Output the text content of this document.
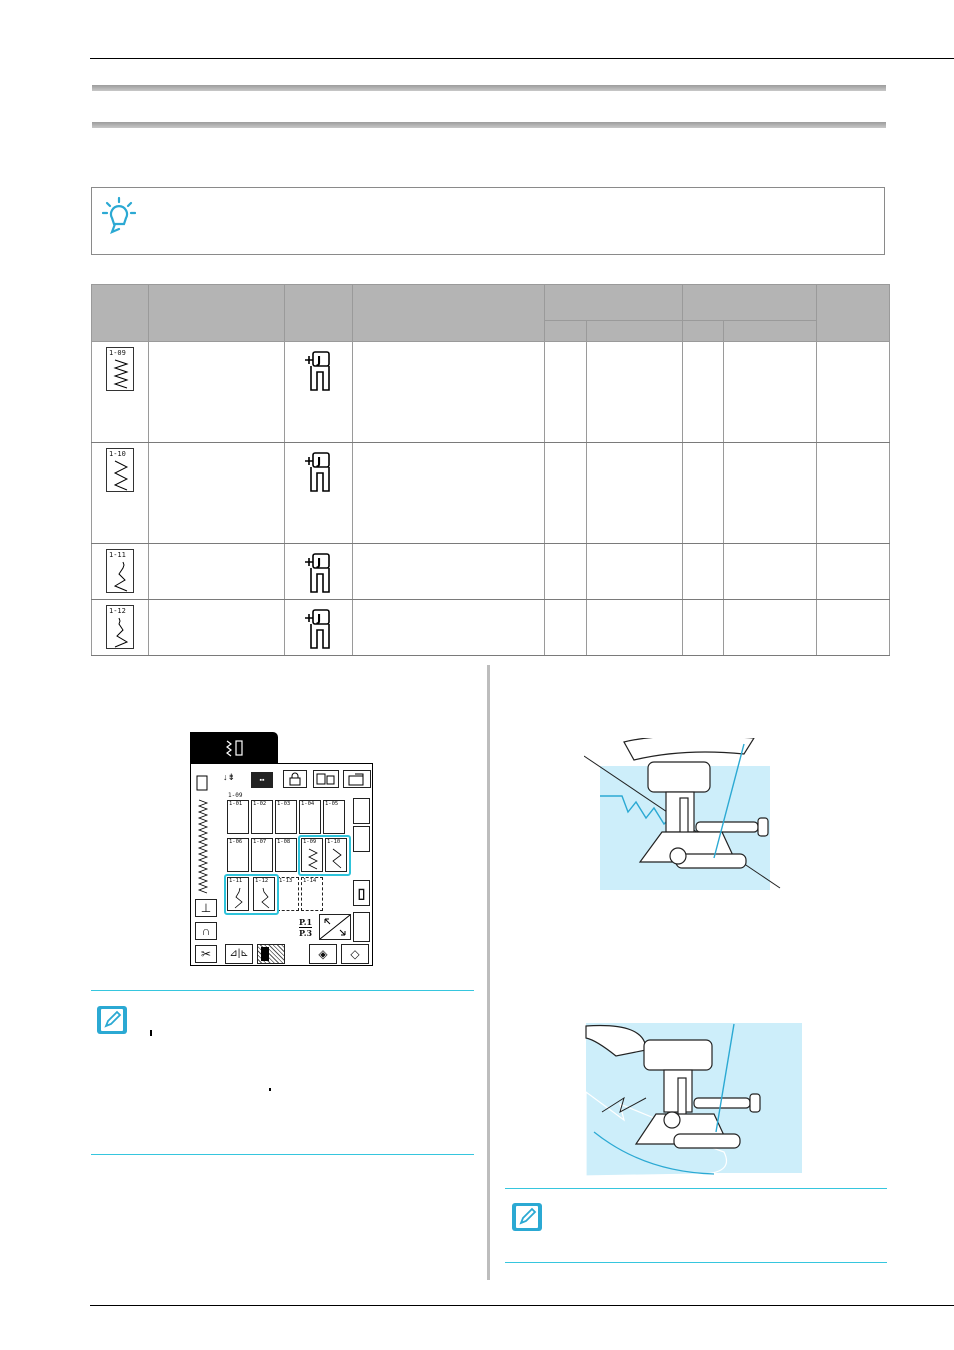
1-09		J						

1-10		J						

1-11		J						

1-12		J						

↓⇟	▪▪
1-09
1-01 1-02 1-03 1-04 1-05
1-06 1-07 1-08 1-09 1-10
1-11 1-12 1-13 1-14
▯
⊥
∩
✂
P.1
P.3
⊿|⊾	◈	◇
